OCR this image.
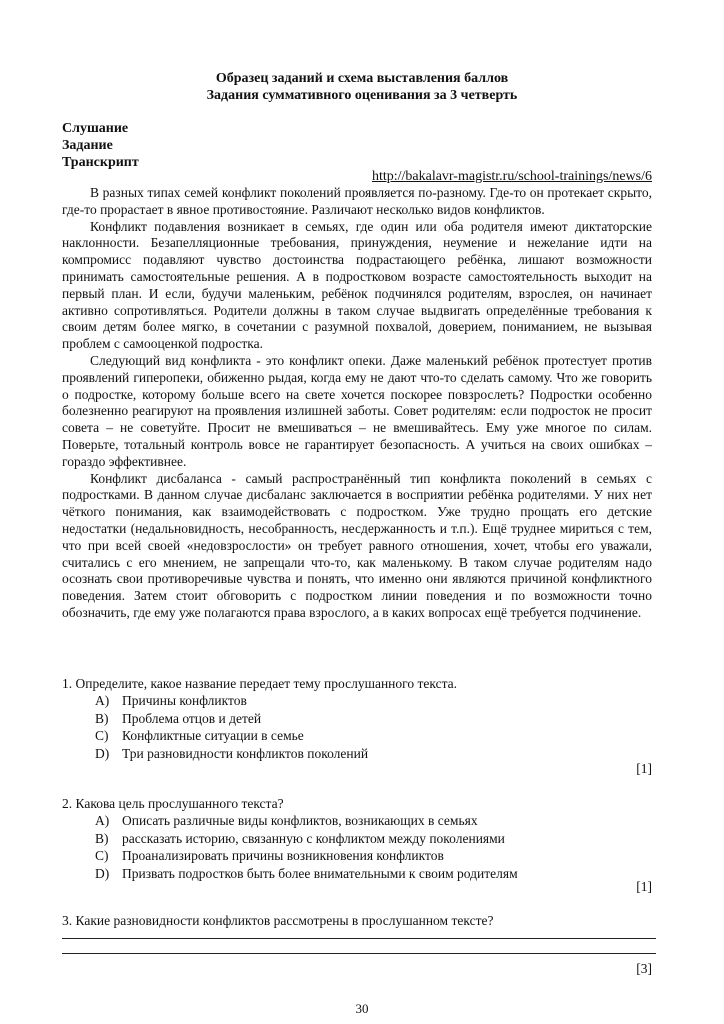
Образец заданий и схема выставления баллов
Задания суммативного оценивания за 3 четверть
Слушание
Задание
Транскрипт
http://bakalavr-magistr.ru/school-trainings/news/6

В разных типах семей конфликт поколений проявляется по-разному. Где-то он протекает скрыто, где-то прорастает в явное противостояние. Различают несколько видов конфликтов.

Конфликт подавления возникает в семьях, где один или оба родителя имеют диктаторские наклонности. Безапелляционные требования, принуждения, неумение и нежелание идти на компромисс подавляют чувство достоинства подрастающего ребёнка, лишают возможности принимать самостоятельные решения. А в подростковом возрасте самостоятельность выходит на первый план. И если, будучи маленьким, ребёнок подчинялся родителям, взрослея, он начинает активно сопротивляться. Родители должны в таком случае выдвигать определённые требования к своим детям более мягко, в сочетании с разумной похвалой, доверием, пониманием, не вызывая проблем с самооценкой подростка.

Следующий вид конфликта - это конфликт опеки. Даже маленький ребёнок протестует против проявлений гиперопеки, обиженно рыдая, когда ему не дают что-то сделать самому. Что же говорить о подростке, которому больше всего на свете хочется поскорее повзрослеть? Подростки особенно болезненно реагируют на проявления излишней заботы. Совет родителям: если подросток не просит совета – не советуйте. Просит не вмешиваться – не вмешивайтесь. Ему уже многое по силам. Поверьте, тотальный контроль вовсе не гарантирует безопасность. А учиться на своих ошибках – гораздо эффективнее.

Конфликт дисбаланса - самый распространённый тип конфликта поколений в семьях с подростками. В данном случае дисбаланс заключается в восприятии ребёнка родителями. У них нет чёткого понимания, как взаимодействовать с подростком. Уже трудно прощать его детские недостатки (недальновидность, несобранность, несдержанность и т.п.). Ещё труднее мириться с тем, что при всей своей «недовзрослости» он требует равного отношения, хочет, чтобы его уважали, считались с его мнением, не запрещали что-то, как маленькому. В таком случае родителям надо осознать свои противоречивые чувства и понять, что именно они являются причиной конфликтного поведения. Затем стоит обговорить с подростком линии поведения и по возможности точно обозначить, где ему уже полагаются права взрослого, а в каких вопросах ещё требуется подчинение.

1. Определите, какое название передает тему прослушанного текста.
A) Причины конфликтов
B)	Проблема отцов и детей
C)	Конфликтные ситуации в семье
D) Три разновидности конфликтов поколений
[1]
2. Какова цель прослушанного текста?
A) Описать различные виды конфликтов, возникающих в семьях
B)	рассказать историю, связанную с конфликтом между поколениями
C)	Проанализировать причины возникновения конфликтов
D) Призвать подростков быть более внимательными к своим родителям
[1]
3. Какие разновидности конфликтов рассмотрены в прослушанном тексте?
[3]
30
